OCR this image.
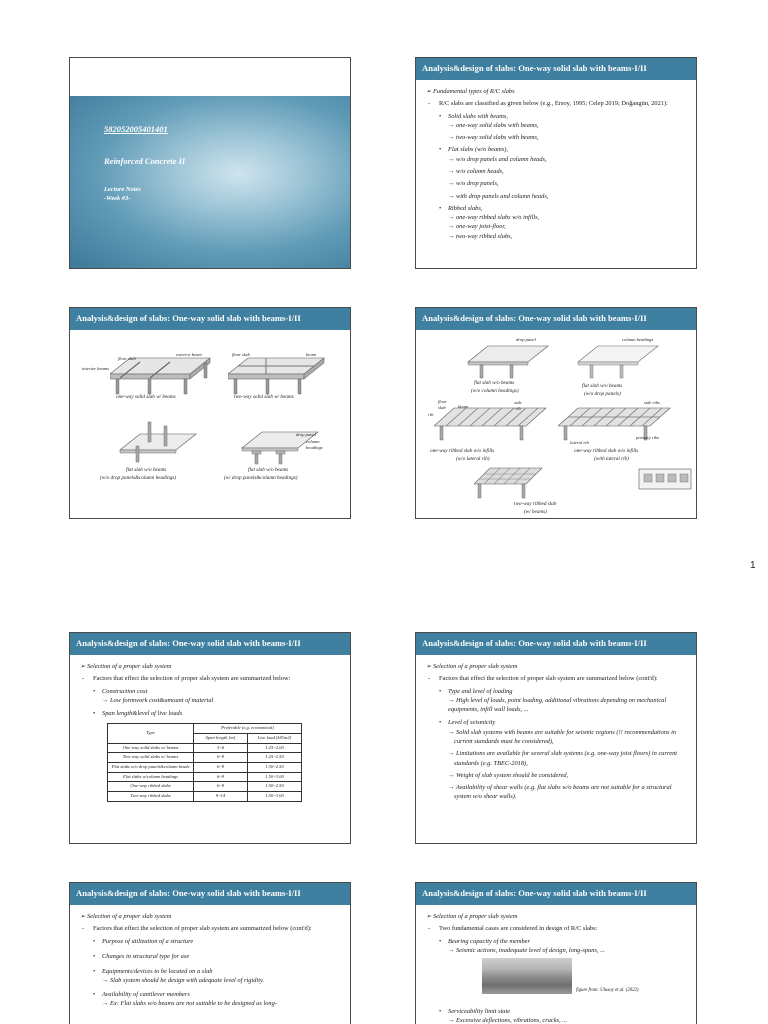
582052005401401
Reinforced Concrete II
Lecture Notes
-Week #3-
Analysis&design of slabs: One-way solid slab with beams-I/II
➢ Fundamental types of R/C slabs
- R/C slabs are classified as given below (e.g., Ersoy, 1995; Celep 2019; Doğangün, 2021):
• Solid slabs with beams,
→ one-way solid slabs with beams,
→ two-way solid slabs with beams,
• Flat slabs (w/o beams),
→ w/o drop panels and column heads,
→ w/o column heads,
→ w/o drop panels,
→ with drop panels and column heads,
• Ribbed slabs,
→ one-way ribbed slabs w/o infills,
→ one-way joist-floor,
→ two-way ribbed slabs,
Analysis&design of slabs: One-way solid slab with beams-I/II
floor slab
exterior beam
interior beams
one-way solid slab w/ beams
floor slab	beam
two-way solid slab w/ beams
flat slab w/o beams
(w/o drop panels&column headings)
drop panel
column headings
flat slab w/o beams
(w/ drop panels&column headings)
Analysis&design of slabs: One-way solid slab with beams-I/II
drop panel
flat slab w/o beams
(w/o column headings)
column headings
flat slab w/o beams
(w/o drop panels)
floor slab	beam
side rib
rib
one-way ribbed slab w/o infills
(w/o lateral rib)
side ribs
primary ribs
lateral rib
one-way ribbed slab w/o infills
(with lateral rib)
two-way ribbed slab
(w/ beams)
1
Analysis&design of slabs: One-way solid slab with beams-I/II
➢ Selection of a proper slab system
- Factors that effect the selection of proper slab system are summarized below:
• Construction cost
→ Low formwork cost&amount of material
• Span length&level of live loads
Type	Preferable (e.g. economical)	
	Span length [m]	Live load [kN/m2]
One-way solid slabs w/ beams	3~6	1.25~2.00
Two-way solid slabs w/ beams	6~9	1.25~2.50
Flat slabs w/o drop panels&column heads	6~9	1.50~2.50
Flat slabs w/column headings	6~9	1.50~3.00
One-way ribbed slabs	6~9	1.50~2.50
Two-way ribbed slabs	9~14	1.50~3.00
Analysis&design of slabs: One-way solid slab with beams-I/II
➢ Selection of a proper slab system
- Factors that effect the selection of proper slab system are summarized below (cont'd):
• Type and level of loading
→ High level of loads, point loading, additional vibrations depending on mechanical equipments, infill wall loads, ...
• Level of seismicity
→ Solid slab systems with beams are suitable for seismic regions (!! recommendations in current standards must be considered),
→ Limitations are available for several slab systems (e.g. one-way joist floors) in current standards (e.g. TBEC-2018),
→ Weight of slab system should be considered,
→ Availability of shear walls (e.g. flat slabs w/o beams are not suitable for a structural system w/o shear walls).
Analysis&design of slabs: One-way solid slab with beams-I/II
➢ Selection of a proper slab system
- Factors that effect the selection of proper slab system are summarized below (cont'd):
• Purpose of utilization of a structure
• Changes in structural type for use
• Equipments/devices to be located on a slab
→ Slab system should be design with adequate level of rigidity.
• Availability of cantilever members
→ Ex: Flat slabs w/o beams are not suitable to be designed as long-
Analysis&design of slabs: One-way solid slab with beams-I/II
➢ Selection of a proper slab system
- Two fundamental cases are considered in design of R/C slabs:
• Bearing capacity of the member
→ Seismic actions, inadequate level of design, long-spans, ...
figure from: Ulusoy et al. (2022)
• Serviceability limit state
→ Excessive deflections, vibrations, cracks, ...
